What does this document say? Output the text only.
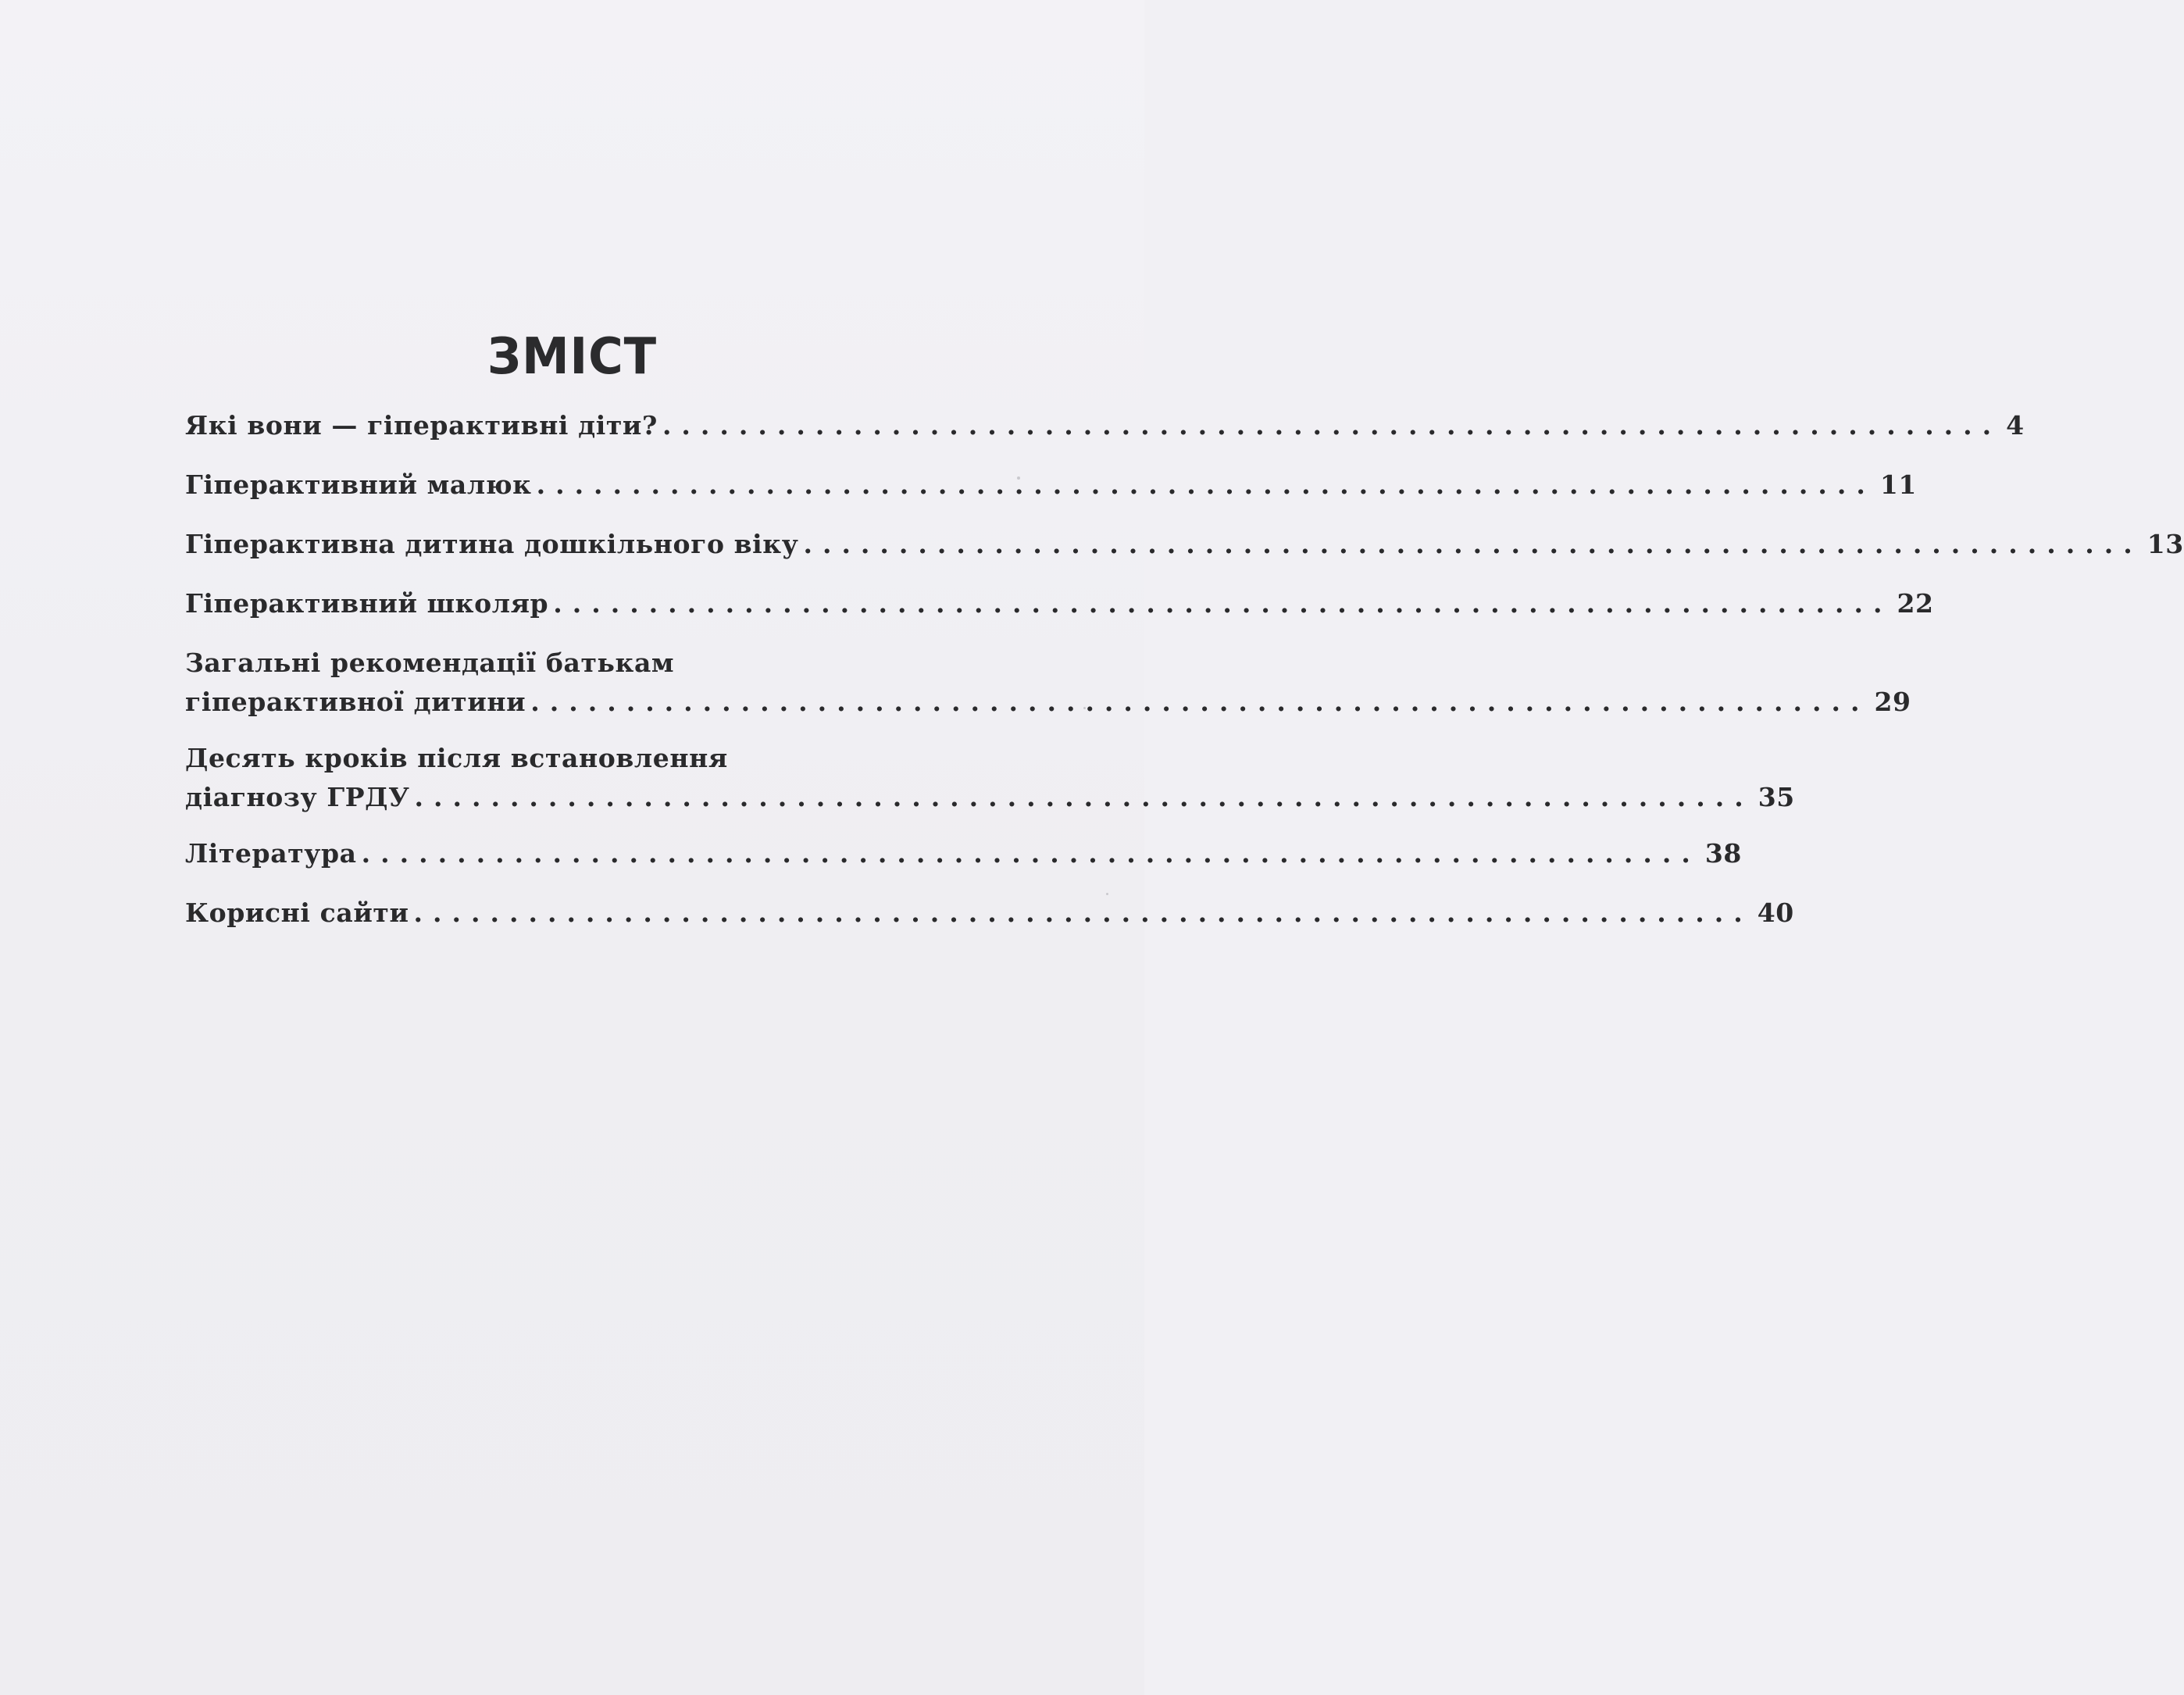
ЗМІСТ
Які вони — гіперактивні діти? ...................................................................... 4
Гіперактивний малюк ...................................................................... 11
Гіперактивна дитина дошкільного віку ...................................................................... 13
Гіперактивний школяр ...................................................................... 22
Загальні рекомендації батькам
гіперактивної дитини ...................................................................... 29
Десять кроків після встановлення
діагнозу ГРДУ ...................................................................... 35
Література ...................................................................... 38
Корисні сайти ...................................................................... 40
